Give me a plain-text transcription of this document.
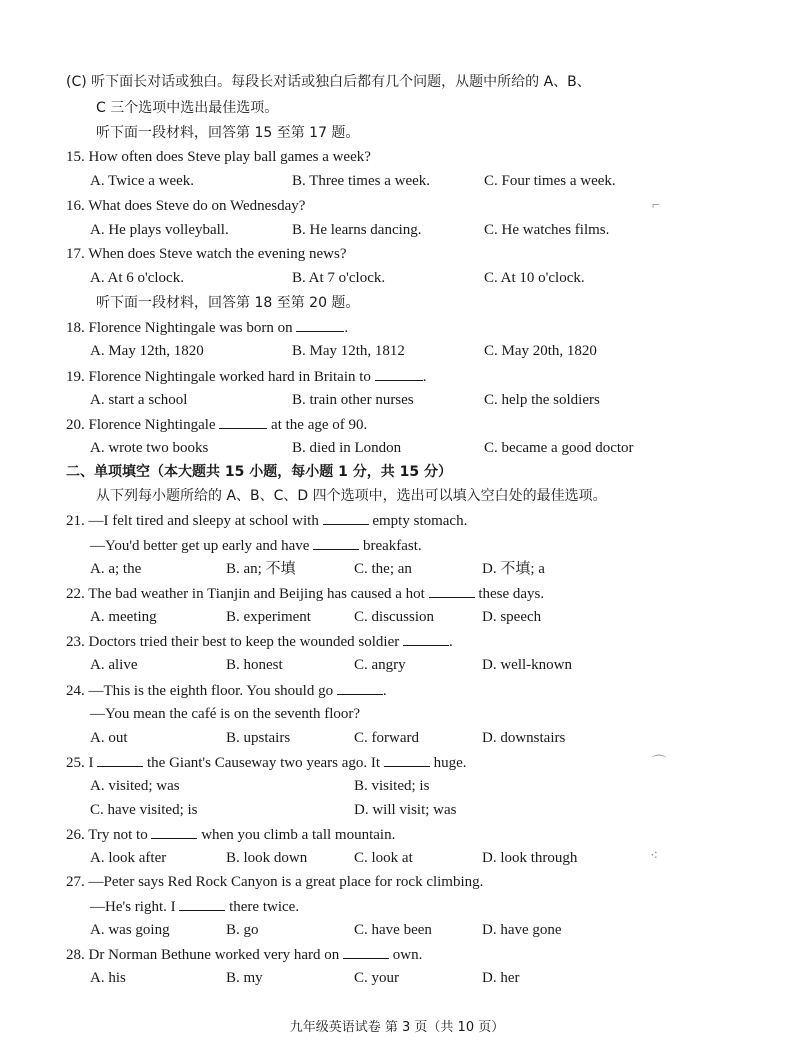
(C) 听下面长对话或独白。每段长对话或独白后都有几个问题，从题中所给的 A、B、
C 三个选项中选出最佳选项。
听下面一段材料，回答第 15 至第 17 题。
15. How often does Steve play ball games a week?
A. Twice a week.	B. Three times a week.	C. Four times a week.
16. What does Steve do on Wednesday?
A. He plays volleyball.	B. He learns dancing.	C. He watches films.
17. When does Steve watch the evening news?
A. At 6 o'clock.	B. At 7 o'clock.	C. At 10 o'clock.
听下面一段材料，回答第 18 至第 20 题。
18. Florence Nightingale was born on	.
A. May 12th, 1820	B. May 12th, 1812	C. May 20th, 1820
19. Florence Nightingale worked hard in Britain to	.
A. start a school	B. train other nurses	C. help the soldiers
20. Florence Nightingale	at the age of 90.
A. wrote two books	B. died in London	C. became a good doctor
二、单项填空（本大题共 15 小题，每小题 1 分，共 15 分）
从下列每小题所给的 A、B、C、D 四个选项中，选出可以填入空白处的最佳选项。
21. —I felt tired and sleepy at school with	empty stomach.
—You'd better get up early and have	breakfast.
A. a; the	B. an; 不填	C. the; an	D. 不填; a
22. The bad weather in Tianjin and Beijing has caused a hot	these days.
A. meeting	B. experiment	C. discussion	D. speech
23. Doctors tried their best to keep the wounded soldier	.
A. alive	B. honest	C. angry	D. well-known
24. —This is the eighth floor. You should go	.
—You mean the café is on the seventh floor?
A. out	B. upstairs	C. forward	D. downstairs
25. I	the Giant's Causeway two years ago. It	huge.
A. visited; was	B. visited; is
C. have visited; is	D. will visit; was
26. Try not to	when you climb a tall mountain.
A. look after	B. look down	C. look at	D. look through
27. —Peter says Red Rock Canyon is a great place for rock climbing.
—He's right. I	there twice.
A. was going	B. go	C. have been	D. have gone
28. Dr Norman Bethune worked very hard on	own.
A. his	B. my	C. your	D. her
九年级英语试卷 第 3 页（共 10 页）
⌐
⌒
⁖
